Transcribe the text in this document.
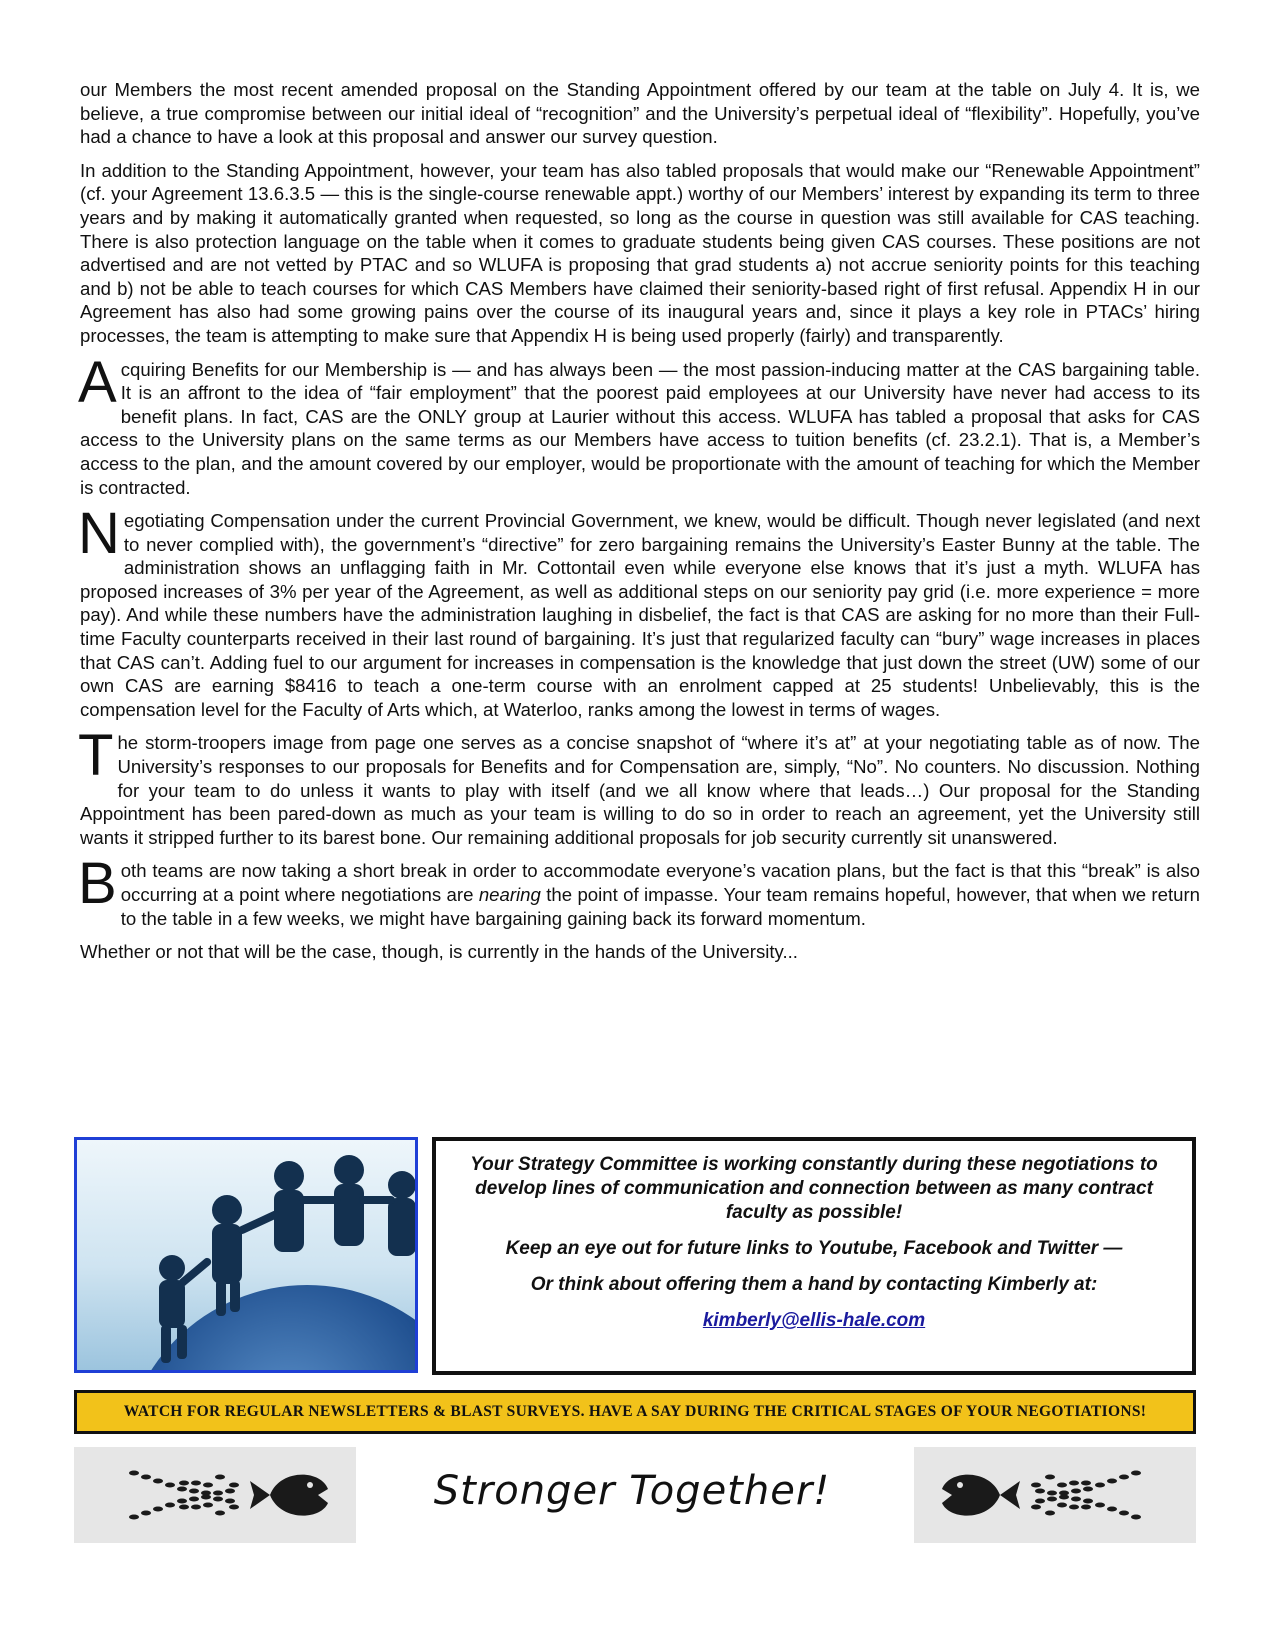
our Members the most recent amended proposal on the Standing Appointment offered by our team at the table on July 4. It is, we believe, a true compromise between our initial ideal of “recognition” and the University’s perpetual ideal of “flexibility”. Hopefully, you’ve had a chance to have a look at this proposal and answer our survey question.

In addition to the Standing Appointment, however, your team has also tabled proposals that would make our “Renewable Appointment” (cf. your Agreement 13.6.3.5 — this is the single-course renewable appt.) worthy of our Members’ interest by expanding its term to three years and by making it automatically granted when requested, so long as the course in question was still available for CAS teaching. There is also protection language on the table when it comes to graduate students being given CAS courses. These positions are not advertised and are not vetted by PTAC and so WLUFA is proposing that grad students a) not accrue seniority points for this teaching and b) not be able to teach courses for which CAS Members have claimed their seniority-based right of first refusal. Appendix H in our Agreement has also had some growing pains over the course of its inaugural years and, since it plays a key role in PTACs’ hiring processes, the team is attempting to make sure that Appendix H is being used properly (fairly) and transparently.

Acquiring Benefits for our Membership is — and has always been — the most passion-inducing matter at the CAS bargaining table. It is an affront to the idea of “fair employment” that the poorest paid employees at our University have never had access to its benefit plans. In fact, CAS are the ONLY group at Laurier without this access. WLUFA has tabled a proposal that asks for CAS access to the University plans on the same terms as our Members have access to tuition benefits (cf. 23.2.1). That is, a Member’s access to the plan, and the amount covered by our employer, would be proportionate with the amount of teaching for which the Member is contracted.

Negotiating Compensation under the current Provincial Government, we knew, would be difficult. Though never legislated (and next to never complied with), the government’s “directive” for zero bargaining remains the University’s Easter Bunny at the table. The administration shows an unflagging faith in Mr. Cottontail even while everyone else knows that it’s just a myth. WLUFA has proposed increases of 3% per year of the Agreement, as well as additional steps on our seniority pay grid (i.e. more experience = more pay). And while these numbers have the administration laughing in disbelief, the fact is that CAS are asking for no more than their Full-time Faculty counterparts received in their last round of bargaining. It’s just that regularized faculty can “bury” wage increases in places that CAS can’t. Adding fuel to our argument for increases in compensation is the knowledge that just down the street (UW) some of our own CAS are earning $8416 to teach a one-term course with an enrolment capped at 25 students! Unbelievably, this is the compensation level for the Faculty of Arts which, at Waterloo, ranks among the lowest in terms of wages.

The storm-troopers image from page one serves as a concise snapshot of “where it’s at” at your negotiating table as of now. The University’s responses to our proposals for Benefits and for Compensation are, simply, “No”. No counters. No discussion. Nothing for your team to do unless it wants to play with itself (and we all know where that leads…) Our proposal for the Standing Appointment has been pared-down as much as your team is willing to do so in order to reach an agreement, yet the University still wants it stripped further to its barest bone. Our remaining additional proposals for job security currently sit unanswered.

Both teams are now taking a short break in order to accommodate everyone’s vacation plans, but the fact is that this “break” is also occurring at a point where negotiations are nearing the point of impasse. Your team remains hopeful, however, that when we return to the table in a few weeks, we might have bargaining gaining back its forward momentum.

Whether or not that will be the case, though, is currently in the hands of the University...

Your Strategy Committee is working constantly during these negotiations to develop lines of communication and connection between as many contract faculty as possible!
Keep an eye out for future links to Youtube, Facebook and Twitter —
Or think about offering them a hand by contacting Kimberly at:
kimberly@ellis-hale.com
WATCH FOR REGULAR NEWSLETTERS & BLAST SURVEYS. HAVE A SAY DURING THE CRITICAL STAGES OF YOUR NEGOTIATIONS!
Stronger Together!
